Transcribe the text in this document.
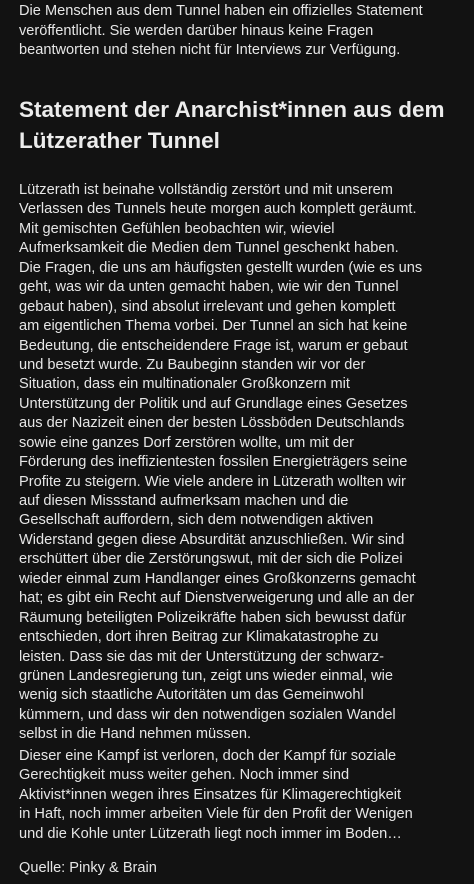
Die Menschen aus dem Tunnel haben ein offizielles Statement
veröffentlicht. Sie werden darüber hinaus keine Fragen
beantworten und stehen nicht für Interviews zur Verfügung.

Statement der Anarchist*innen aus dem Lützerather Tunnel

Lützerath ist beinahe vollständig zerstört und mit unserem
Verlassen des Tunnels heute morgen auch komplett geräumt.
Mit gemischten Gefühlen beobachten wir, wieviel
Aufmerksamkeit die Medien dem Tunnel geschenkt haben.
Die Fragen, die uns am häufigsten gestellt wurden (wie es uns
geht, was wir da unten gemacht haben, wie wir den Tunnel
gebaut haben), sind absolut irrelevant und gehen komplett
am eigentlichen Thema vorbei. Der Tunnel an sich hat keine
Bedeutung, die entscheidendere Frage ist, warum er gebaut
und besetzt wurde. Zu Baubeginn standen wir vor der
Situation, dass ein multinationaler Großkonzern mit
Unterstützung der Politik und auf Grundlage eines Gesetzes
aus der Nazizeit einen der besten Lössböden Deutschlands
sowie eine ganzes Dorf zerstören wollte, um mit der
Förderung des ineffizientesten fossilen Energieträgers seine
Profite zu steigern. Wie viele andere in Lützerath wollten wir
auf diesen Missstand aufmerksam machen und die
Gesellschaft auffordern, sich dem notwendigen aktiven
Widerstand gegen diese Absurdität anzuschließen. Wir sind
erschüttert über die Zerstörungswut, mit der sich die Polizei
wieder einmal zum Handlanger eines Großkonzerns gemacht
hat; es gibt ein Recht auf Dienstverweigerung und alle an der
Räumung beteiligten Polizeikräfte haben sich bewusst dafür
entschieden, dort ihren Beitrag zur Klimakatastrophe zu
leisten. Dass sie das mit der Unterstützung der schwarz-
grünen Landesregierung tun, zeigt uns wieder einmal, wie
wenig sich staatliche Autoritäten um das Gemeinwohl
kümmern, und dass wir den notwendigen sozialen Wandel
selbst in die Hand nehmen müssen.

Dieser eine Kampf ist verloren, doch der Kampf für soziale
Gerechtigkeit muss weiter gehen. Noch immer sind
Aktivist*innen wegen ihres Einsatzes für Klimagerechtigkeit
in Haft, noch immer arbeiten Viele für den Profit der Wenigen
und die Kohle unter Lützerath liegt noch immer im Boden…

Quelle: Pinky & Brain
